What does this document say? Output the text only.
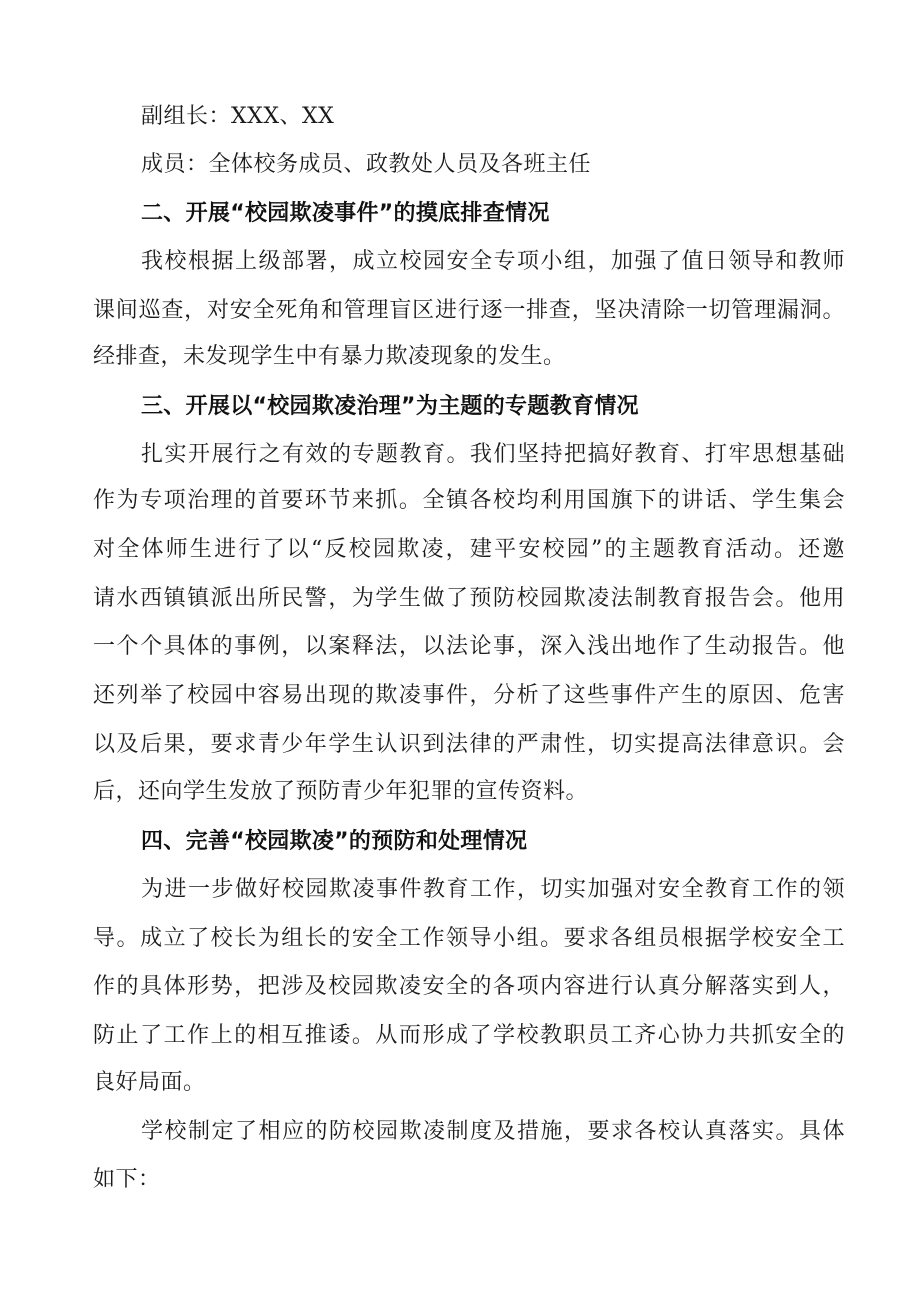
副组长：XXX、XX
成员：全体校务成员、政教处人员及各班主任
二、开展“校园欺凌事件”的摸底排查情况
我校根据上级部署，成立校园安全专项小组，加强了值日领导和教师
课间巡查，对安全死角和管理盲区进行逐一排查，坚决清除一切管理漏洞。
经排查，未发现学生中有暴力欺凌现象的发生。
三、开展以“校园欺凌治理”为主题的专题教育情况
扎实开展行之有效的专题教育。我们坚持把搞好教育、打牢思想基础
作为专项治理的首要环节来抓。全镇各校均利用国旗下的讲话、学生集会
对全体师生进行了以“反校园欺凌，建平安校园”的主题教育活动。还邀
请水西镇镇派出所民警，为学生做了预防校园欺凌法制教育报告会。他用
一个个具体的事例，以案释法，以法论事，深入浅出地作了生动报告。他
还列举了校园中容易出现的欺凌事件，分析了这些事件产生的原因、危害
以及后果，要求青少年学生认识到法律的严肃性，切实提高法律意识。会
后，还向学生发放了预防青少年犯罪的宣传资料。
四、完善“校园欺凌”的预防和处理情况
为进一步做好校园欺凌事件教育工作，切实加强对安全教育工作的领
导。成立了校长为组长的安全工作领导小组。要求各组员根据学校安全工
作的具体形势，把涉及校园欺凌安全的各项内容进行认真分解落实到人，
防止了工作上的相互推诿。从而形成了学校教职员工齐心协力共抓安全的
良好局面。
学校制定了相应的防校园欺凌制度及措施，要求各校认真落实。具体
如下：
